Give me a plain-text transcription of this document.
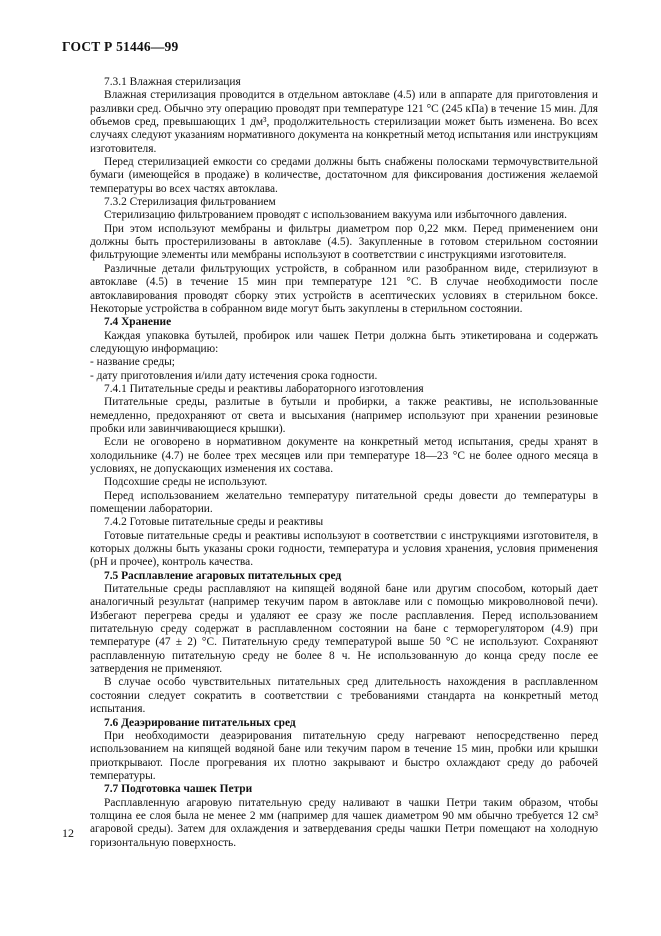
ГОСТ Р 51446—99

7.3.1 Влажная стерилизация

Влажная стерилизация проводится в отдельном автоклаве (4.5) или в аппарате для приготовления и разливки сред. Обычно эту операцию проводят при температуре 121 °С (245 кПа) в течение 15 мин. Для объемов сред, превышающих 1 дм³, продолжительность стерилизации может быть изменена. Во всех случаях следуют указаниям нормативного документа на конкретный метод испытания или инструкциям изготовителя.

Перед стерилизацией емкости со средами должны быть снабжены полосками термочувствительной бумаги (имеющейся в продаже) в количестве, достаточном для фиксирования достижения желаемой температуры во всех частях автоклава.

7.3.2 Стерилизация фильтрованием

Стерилизацию фильтрованием проводят с использованием вакуума или избыточного давления.

При этом используют мембраны и фильтры диаметром пор 0,22 мкм. Перед применением они должны быть простерилизованы в автоклаве (4.5). Закупленные в готовом стерильном состоянии фильтрующие элементы или мембраны используют в соответствии с инструкциями изготовителя.

Различные детали фильтрующих устройств, в собранном или разобранном виде, стерилизуют в автоклаве (4.5) в течение 15 мин при температуре 121 °С. В случае необходимости после автоклавирования проводят сборку этих устройств в асептических условиях в стерильном боксе. Некоторые устройства в собранном виде могут быть закуплены в стерильном состоянии.

7.4 Хранение

Каждая упаковка бутылей, пробирок или чашек Петри должна быть этикетирована и содержать следующую информацию:

- название среды;

- дату приготовления и/или дату истечения срока годности.

7.4.1 Питательные среды и реактивы лабораторного изготовления

Питательные среды, разлитые в бутыли и пробирки, а также реактивы, не использованные немедленно, предохраняют от света и высыхания (например используют при хранении резиновые пробки или завинчивающиеся крышки).

Если не оговорено в нормативном документе на конкретный метод испытания, среды хранят в холодильнике (4.7) не более трех месяцев или при температуре 18—23 °С не более одного месяца в условиях, не допускающих изменения их состава.

Подсохшие среды не используют.

Перед использованием желательно температуру питательной среды довести до температуры в помещении лаборатории.

7.4.2 Готовые питательные среды и реактивы

Готовые питательные среды и реактивы используют в соответствии с инструкциями изготовителя, в которых должны быть указаны сроки годности, температура и условия хранения, условия применения (рН и прочее), контроль качества.

7.5 Расплавление агаровых питательных сред

Питательные среды расплавляют на кипящей водяной бане или другим способом, который дает аналогичный результат (например текучим паром в автоклаве или с помощью микроволновой печи). Избегают перегрева среды и удаляют ее сразу же после расплавления. Перед использованием питательную среду содержат в расплавленном состоянии на бане с терморегулятором (4.9) при температуре (47 ± 2) °С. Питательную среду температурой выше 50 °С не используют. Сохраняют расплавленную питательную среду не более 8 ч. Не использованную до конца среду после ее затвердения не применяют.

В случае особо чувствительных питательных сред длительность нахождения в расплавленном состоянии следует сократить в соответствии с требованиями стандарта на конкретный метод испытания.

7.6 Деаэрирование питательных сред

При необходимости деаэрирования питательную среду нагревают непосредственно перед использованием на кипящей водяной бане или текучим паром в течение 15 мин, пробки или крышки приоткрывают. После прогревания их плотно закрывают и быстро охлаждают среду до рабочей температуры.

7.7 Подготовка чашек Петри

Расплавленную агаровую питательную среду наливают в чашки Петри таким образом, чтобы толщина ее слоя была не менее 2 мм (например для чашек диаметром 90 мм обычно требуется 12 см³ агаровой среды). Затем для охлаждения и затвердевания среды чашки Петри помещают на холодную горизонтальную поверхность.

12
